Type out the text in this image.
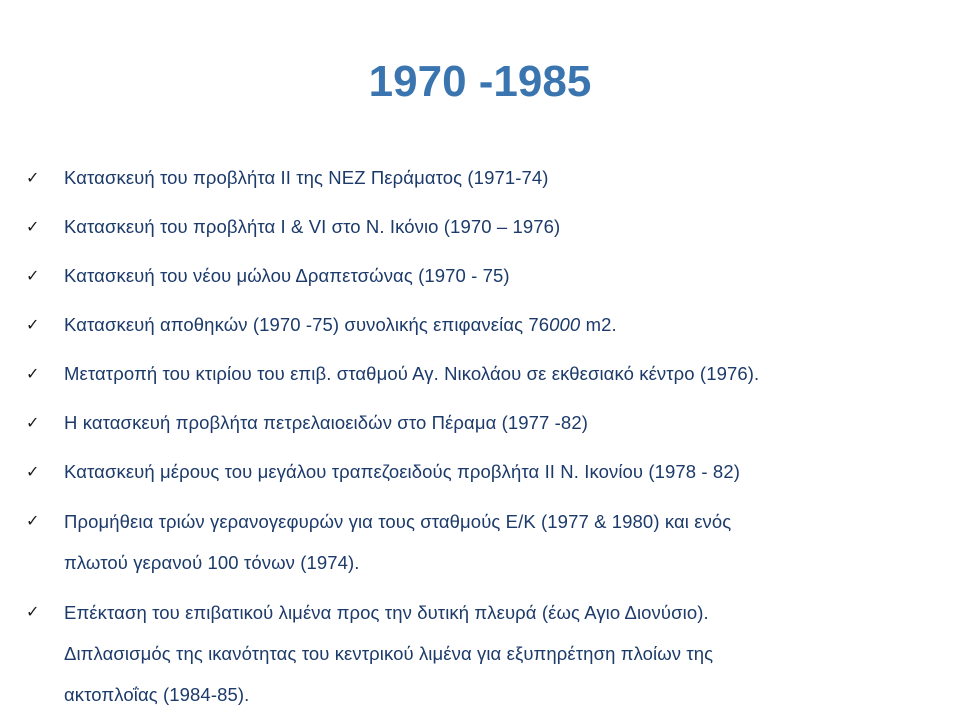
1970 -1985
✓ Κατασκευή του προβλήτα ΙΙ της ΝΕΖ Περάματος (1971-74)
✓ Κατασκευή του προβλήτα Ι & VI στο Ν. Ικόνιο (1970 – 1976)
✓ Κατασκευή του νέου μώλου Δραπετσώνας (1970 - 75)
✓ Κατασκευή αποθηκών (1970 -75) συνολικής επιφανείας 76000 m2.
✓ Μετατροπή του κτιρίου του επιβ. σταθμού Αγ. Νικολάου σε εκθεσιακό κέντρο (1976).
✓ Η κατασκευή προβλήτα πετρελαιοειδών στο Πέραμα (1977 -82)
✓ Κατασκευή μέρους του μεγάλου τραπεζοειδούς προβλήτα ΙΙ Ν. Ικονίου (1978 - 82)
✓ Προμήθεια τριών γερανογεφυρών για τους σταθμούς Ε/Κ (1977 & 1980) και ενός
πλωτού γερανού 100 τόνων (1974).
✓ Επέκταση του επιβατικού λιμένα προς την δυτική πλευρά (έως Αγιο Διονύσιο).
Διπλασισμός της ικανότητας του κεντρικού λιμένα για εξυπηρέτηση πλοίων της
ακτοπλοΐας (1984-85).
